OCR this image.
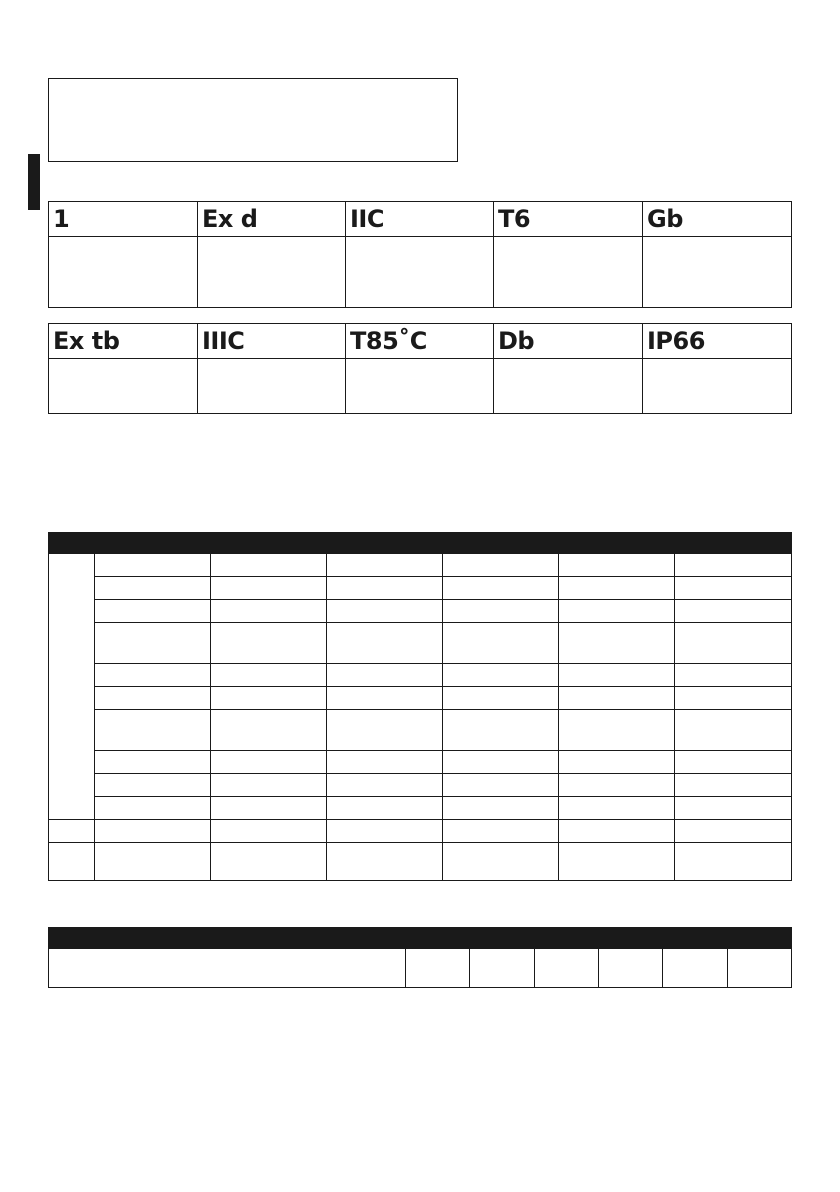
1	Ex d	IIC	T6	Gb

Ex tb	IIIC	T85˚C	Db	IP66
